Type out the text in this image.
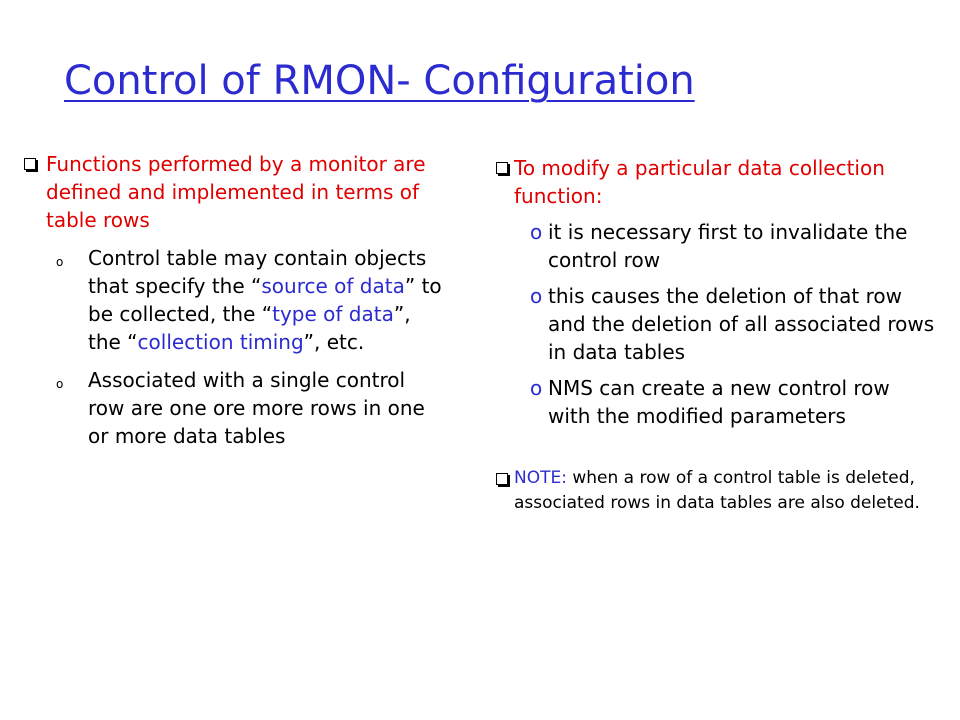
Control of RMON- Configuration
Functions performed by a monitor are defined and implemented in terms of table rows
o Control table may contain objects that specify the “source of data” to be collected, the “type of data”, the “collection timing”, etc.
o Associated with a single control row are one ore more rows in one or more data tables
To modify a particular data collection function:
o it is necessary first to invalidate the control row
o this causes the deletion of that row and the deletion of all associated rows in data tables
o NMS can create a new control row with the modified parameters
NOTE: when a row of a control table is deleted, associated rows in data tables are also deleted.
